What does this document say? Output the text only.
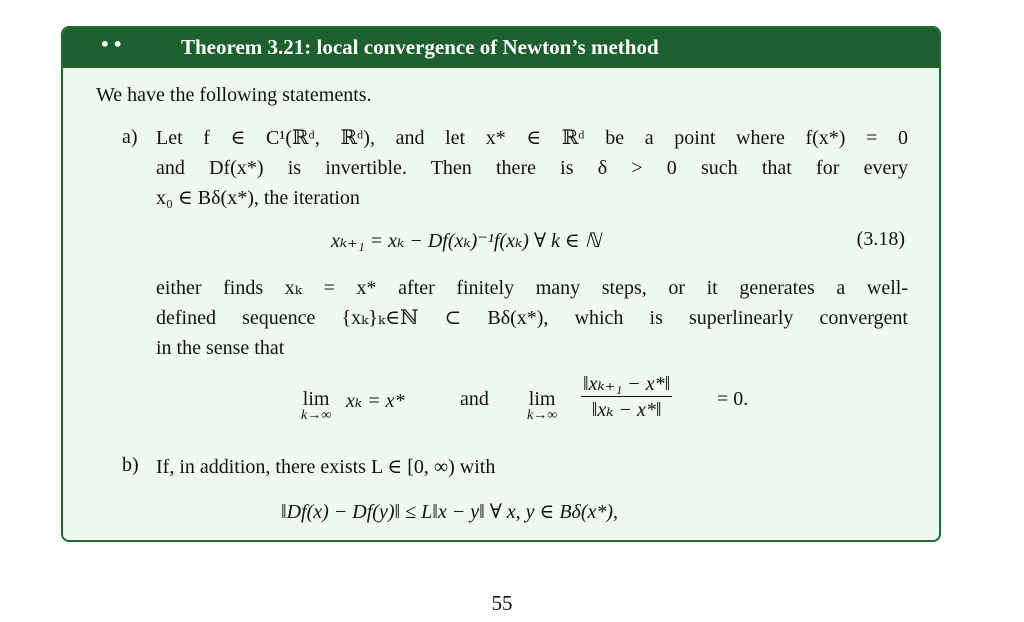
••	Theorem 3.21: local convergence of Newton’s method
We have the following statements.
a) Let f ∈ C¹(ℝᵈ, ℝᵈ), and let x* ∈ ℝᵈ be a point where f(x*) = 0
and Df(x*) is invertible. Then there is δ > 0 such that for every
x₀ ∈ Bδ(x*), the iteration
xₖ₊₁ = xₖ − Df(xₖ)⁻¹f(xₖ) ∀ k ∈ ℕ	(3.18)
either finds xₖ = x* after finitely many steps, or it generates a well-
defined sequence {xₖ}ₖ∈ℕ ⊂ Bδ(x*), which is superlinearly convergent
in the sense that
lim
k→∞
xₖ = x*	and lim
$k\to\infty \frac{\text{‖xₖ₊₁ − x*‖}}{\text{‖xₖ − x*‖}} = 0$.
b) If, in addition, there exists L ∈ [0, ∞) with
‖Df(x) − Df(y)‖ ≤ L‖x − y‖ ∀ x, y ∈ Bδ(x*),
55
